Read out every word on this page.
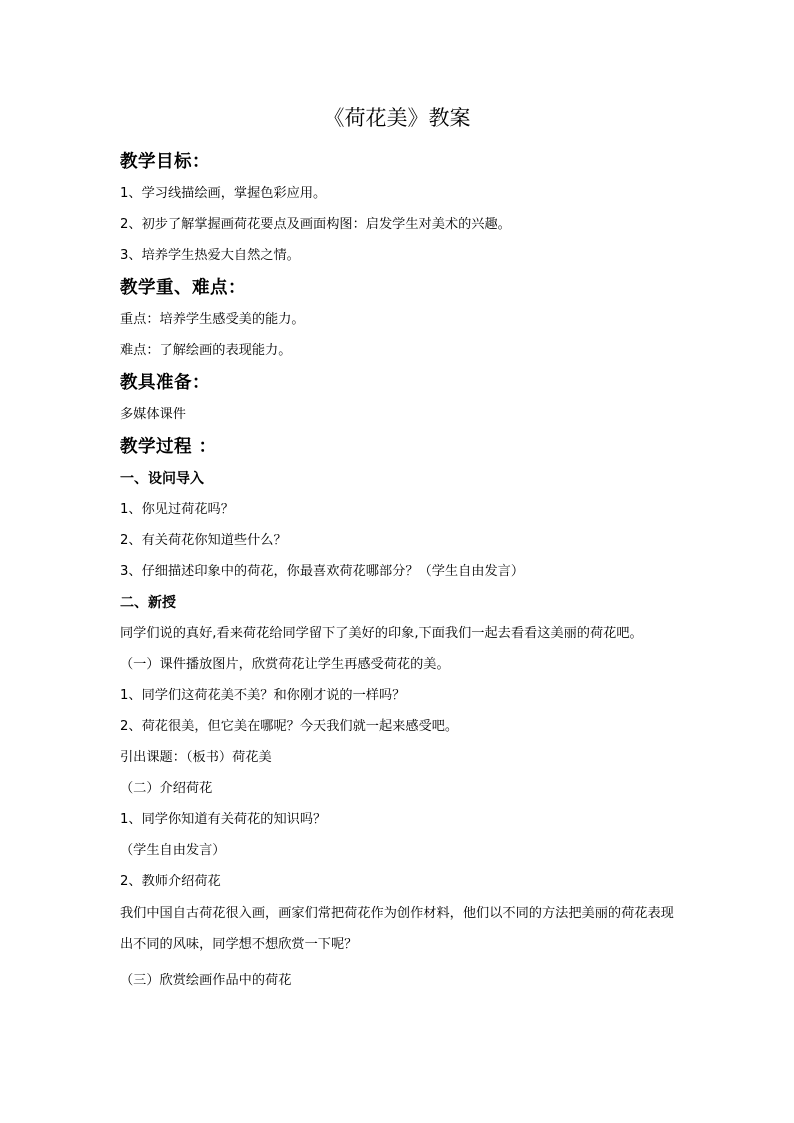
《荷花美》教案
教学目标：

1、学习线描绘画，掌握色彩应用。

2、初步了解掌握画荷花要点及画面构图：启发学生对美术的兴趣。

3、培养学生热爱大自然之情。

教学重、难点：

重点：培养学生感受美的能力。

难点：了解绘画的表现能力。

教具准备：

多媒体课件

教学过程 ：
一、设问导入

1、你见过荷花吗？

2、有关荷花你知道些什么？

3、仔细描述印象中的荷花，你最喜欢荷花哪部分？（学生自由发言）

二、新授

同学们说的真好,看来荷花给同学留下了美好的印象,下面我们一起去看看这美丽的荷花吧。

（一）课件播放图片，欣赏荷花让学生再感受荷花的美。

1、同学们这荷花美不美？和你刚才说的一样吗？

2、荷花很美，但它美在哪呢？今天我们就一起来感受吧。

引出课题：（板书）荷花美

（二）介绍荷花

1、同学你知道有关荷花的知识吗？

（学生自由发言）

2、教师介绍荷花

我们中国自古荷花很入画，画家们常把荷花作为创作材料，他们以不同的方法把美丽的荷花表现出不同的风味，同学想不想欣赏一下呢？

（三）欣赏绘画作品中的荷花
